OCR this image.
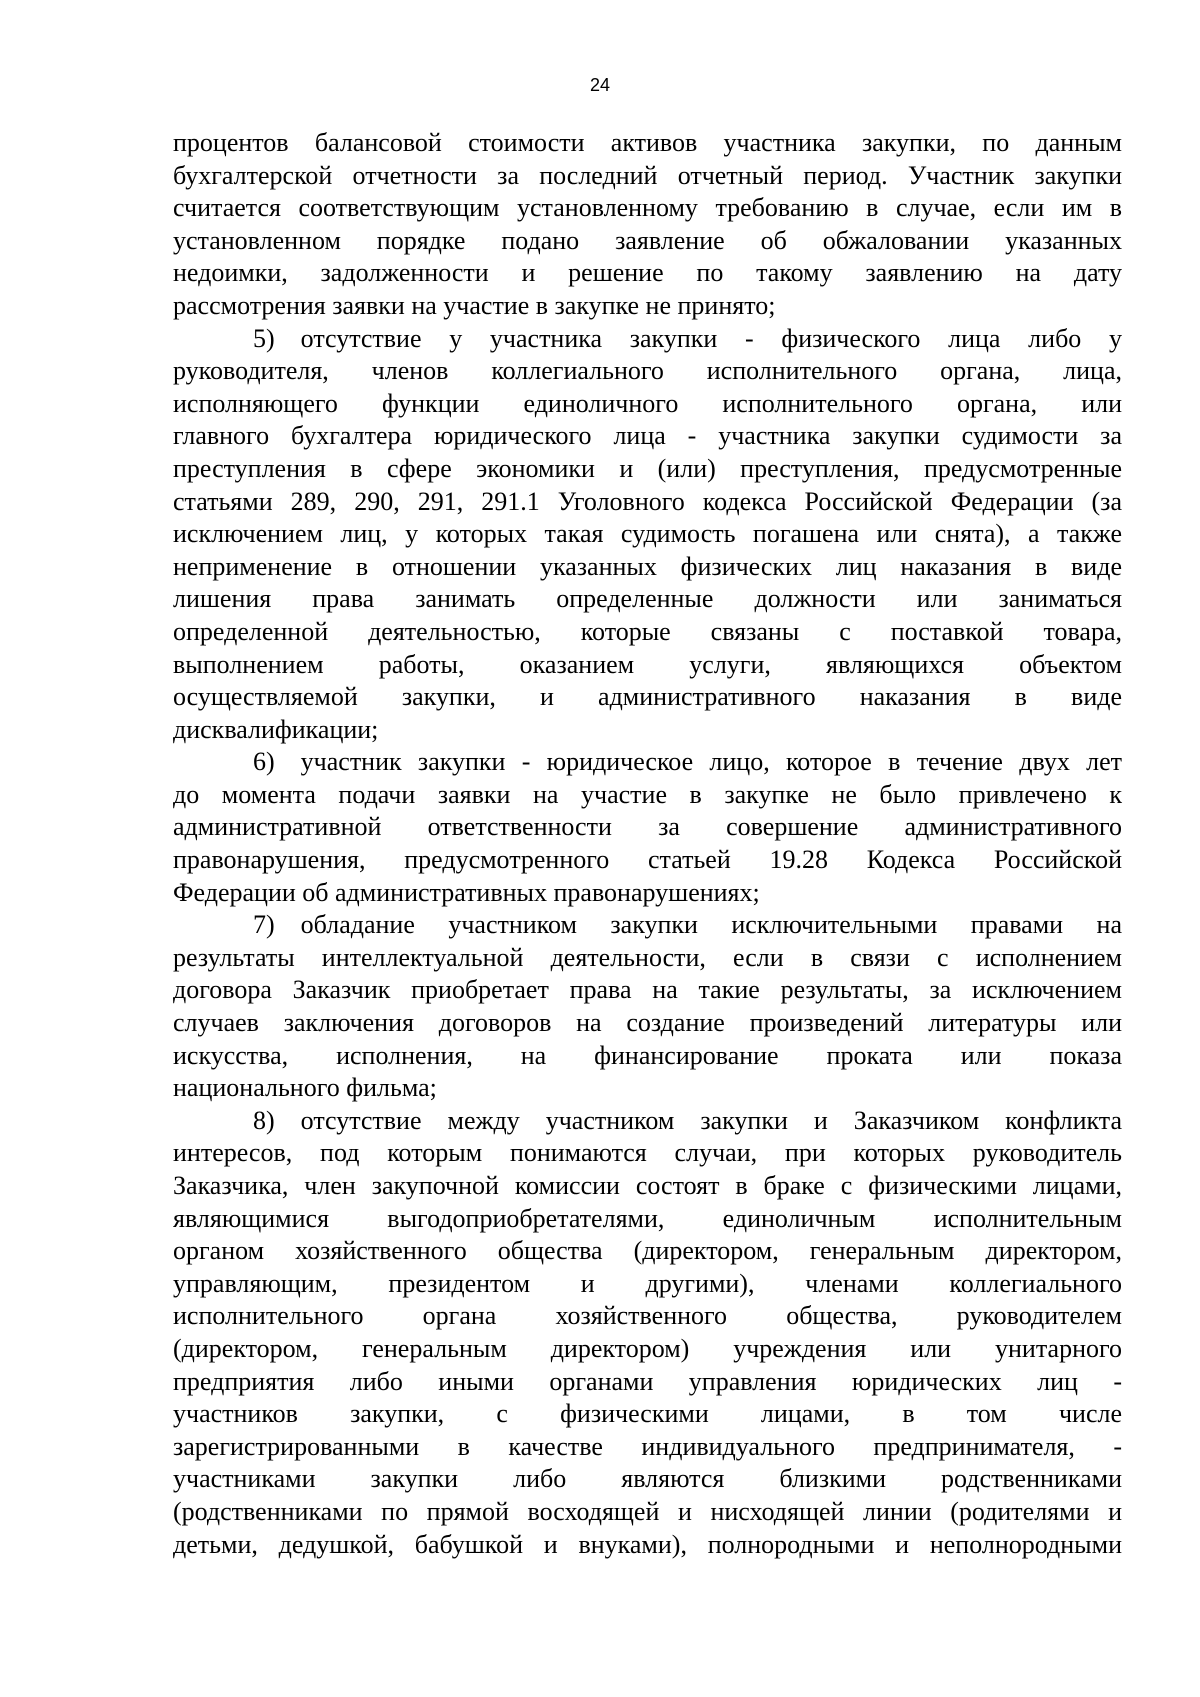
24
процентов балансовой стоимости активов участника закупки, по данным
бухгалтерской отчетности за последний отчетный период. Участник закупки
считается соответствующим установленному требованию в случае, если им в
установленном порядке подано заявление об обжаловании указанных
недоимки, задолженности и решение по такому заявлению на дату
рассмотрения заявки на участие в закупке не принято;
5) отсутствие у участника закупки - физического лица либо у
руководителя, членов коллегиального исполнительного органа, лица,
исполняющего функции единоличного исполнительного органа, или
главного бухгалтера юридического лица - участника закупки судимости за
преступления в сфере экономики и (или) преступления, предусмотренные
статьями 289, 290, 291, 291.1 Уголовного кодекса Российской Федерации (за
исключением лиц, у которых такая судимость погашена или снята), а также
неприменение в отношении указанных физических лиц наказания в виде
лишения права занимать определенные должности или заниматься
определенной деятельностью, которые связаны с поставкой товара,
выполнением работы, оказанием услуги, являющихся объектом
осуществляемой закупки, и административного наказания в виде
дисквалификации;
6) участник закупки - юридическое лицо, которое в течение двух лет
до момента подачи заявки на участие в закупке не было привлечено к
административной ответственности за совершение административного
правонарушения, предусмотренного статьей 19.28 Кодекса Российской
Федерации об административных правонарушениях;
7) обладание участником закупки исключительными правами на
результаты интеллектуальной деятельности, если в связи с исполнением
договора Заказчик приобретает права на такие результаты, за исключением
случаев заключения договоров на создание произведений литературы или
искусства, исполнения, на финансирование проката или показа
национального фильма;
8) отсутствие между участником закупки и Заказчиком конфликта
интересов, под которым понимаются случаи, при которых руководитель
Заказчика, член закупочной комиссии состоят в браке с физическими лицами,
являющимися выгодоприобретателями, единоличным исполнительным
органом хозяйственного общества (директором, генеральным директором,
управляющим, президентом и другими), членами коллегиального
исполнительного органа хозяйственного общества, руководителем
(директором, генеральным директором) учреждения или унитарного
предприятия либо иными органами управления юридических лиц -
участников закупки, с физическими лицами, в том числе
зарегистрированными в качестве индивидуального предпринимателя, -
участниками закупки либо являются близкими родственниками
(родственниками по прямой восходящей и нисходящей линии (родителями и
детьми, дедушкой, бабушкой и внуками), полнородными и неполнородными
